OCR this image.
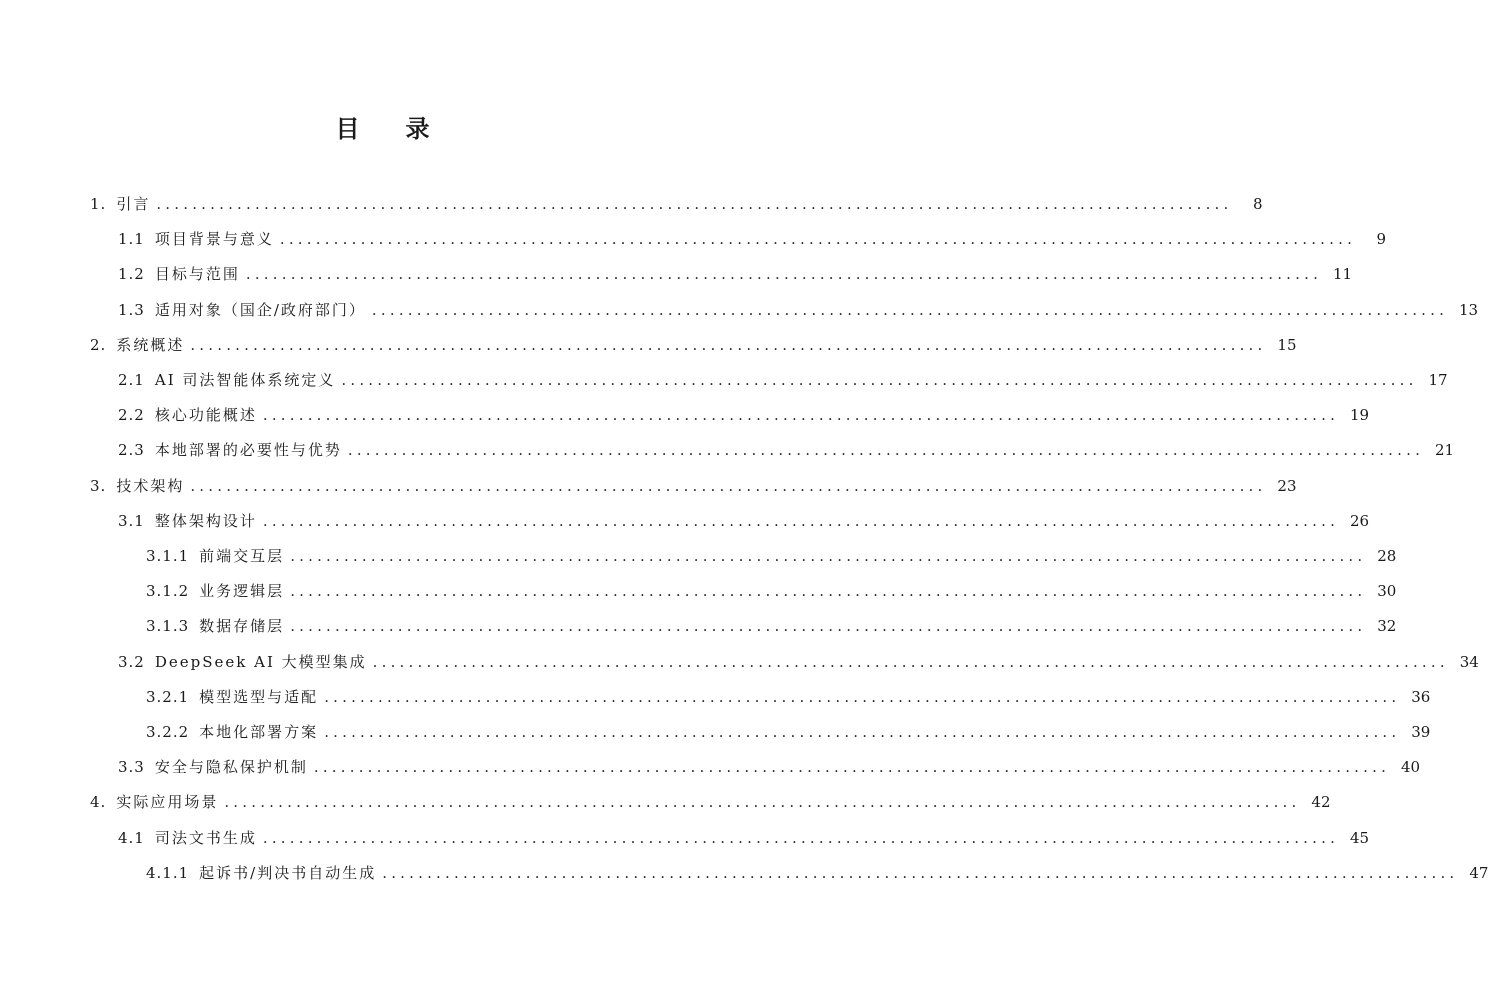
目 录
1. 引言 ........................................................................................................................	8
1.1 项目背景与意义 ........................................................................................................................	9
1.2 目标与范围 ........................................................................................................................ 11
1.3 适用对象（国企/政府部门） ........................................................................................................................ 13
2. 系统概述 ........................................................................................................................ 15
2.1 AI 司法智能体系统定义 ........................................................................................................................ 17
2.2 核心功能概述 ........................................................................................................................ 19
2.3 本地部署的必要性与优势 ........................................................................................................................ 21
3. 技术架构 ........................................................................................................................ 23
3.1 整体架构设计 ........................................................................................................................ 26
3.1.1 前端交互层 ........................................................................................................................ 28
3.1.2 业务逻辑层 ........................................................................................................................ 30
3.1.3 数据存储层 ........................................................................................................................ 32
3.2 DeepSeek AI 大模型集成 ........................................................................................................................ 34
3.2.1 模型选型与适配 ........................................................................................................................ 36
3.2.2 本地化部署方案 ........................................................................................................................ 39
3.3 安全与隐私保护机制 ........................................................................................................................ 40
4. 实际应用场景 ........................................................................................................................ 42
4.1 司法文书生成 ........................................................................................................................ 45
4.1.1 起诉书/判决书自动生成 ........................................................................................................................ 47
